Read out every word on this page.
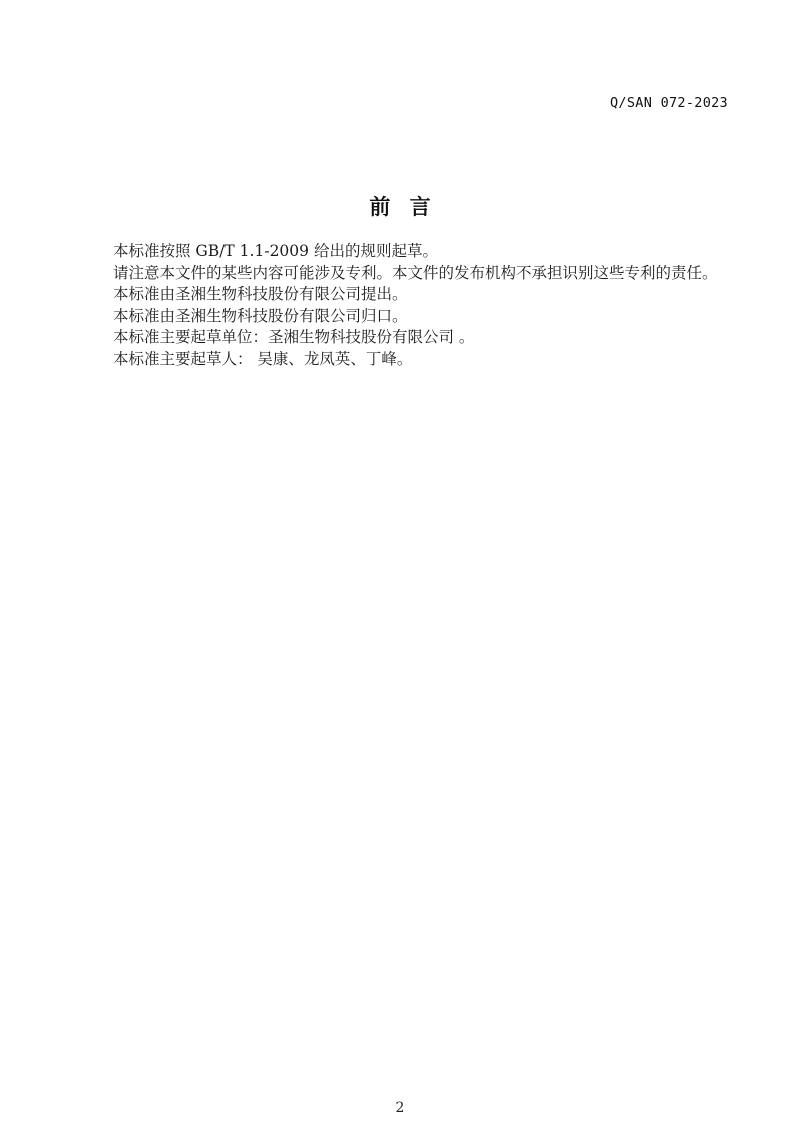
Q/SAN 072-2023
前 言

本标准按照 GB/T 1.1-2009 给出的规则起草。

请注意本文件的某些内容可能涉及专利。本文件的发布机构不承担识别这些专利的责任。

本标准由圣湘生物科技股份有限公司提出。

本标准由圣湘生物科技股份有限公司归口。

本标准主要起草单位：圣湘生物科技股份有限公司 。

本标准主要起草人： 吴康、龙凤英、丁峰。

2
